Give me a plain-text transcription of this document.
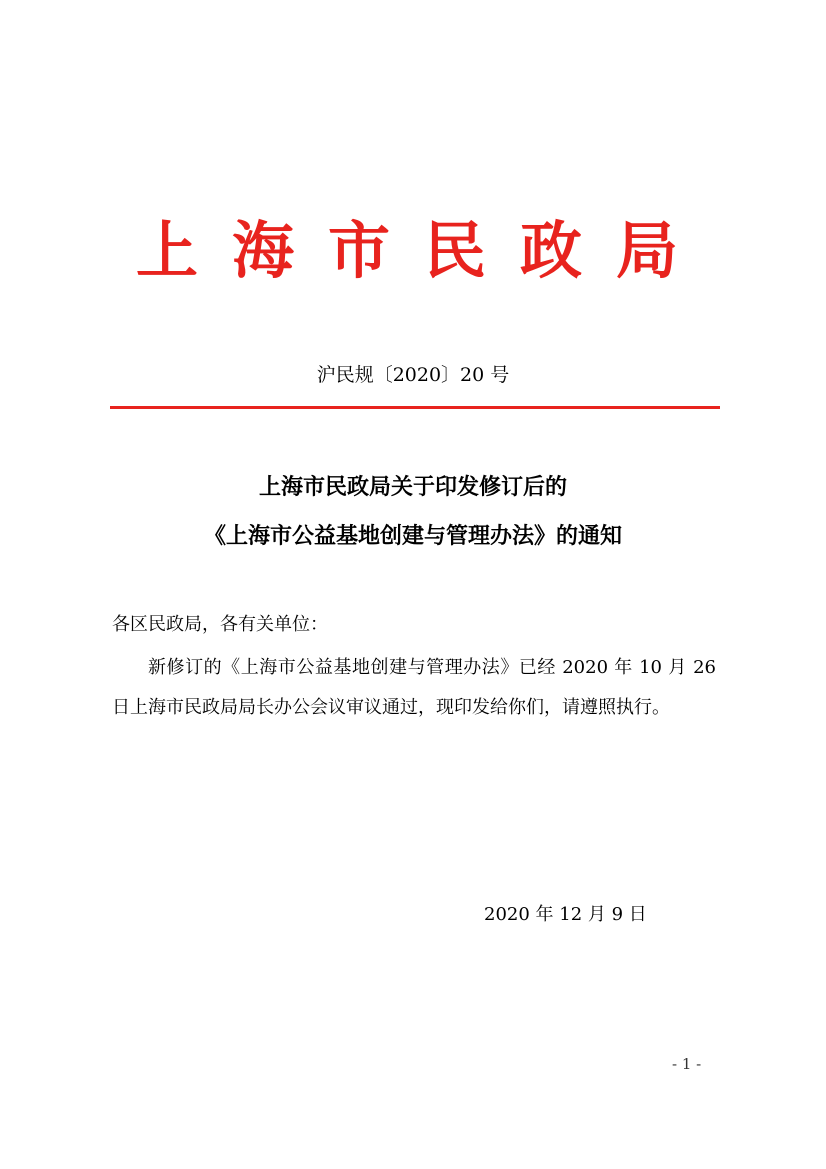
上海市民政局
沪民规〔2020〕20 号
上海市民政局关于印发修订后的
《上海市公益基地创建与管理办法》的通知
各区民政局，各有关单位：
新修订的《上海市公益基地创建与管理办法》已经 2020 年 10 月 26 日上海市民政局局长办公会议审议通过，现印发给你们，请遵照执行。
2020 年 12 月 9 日
- 1 -
